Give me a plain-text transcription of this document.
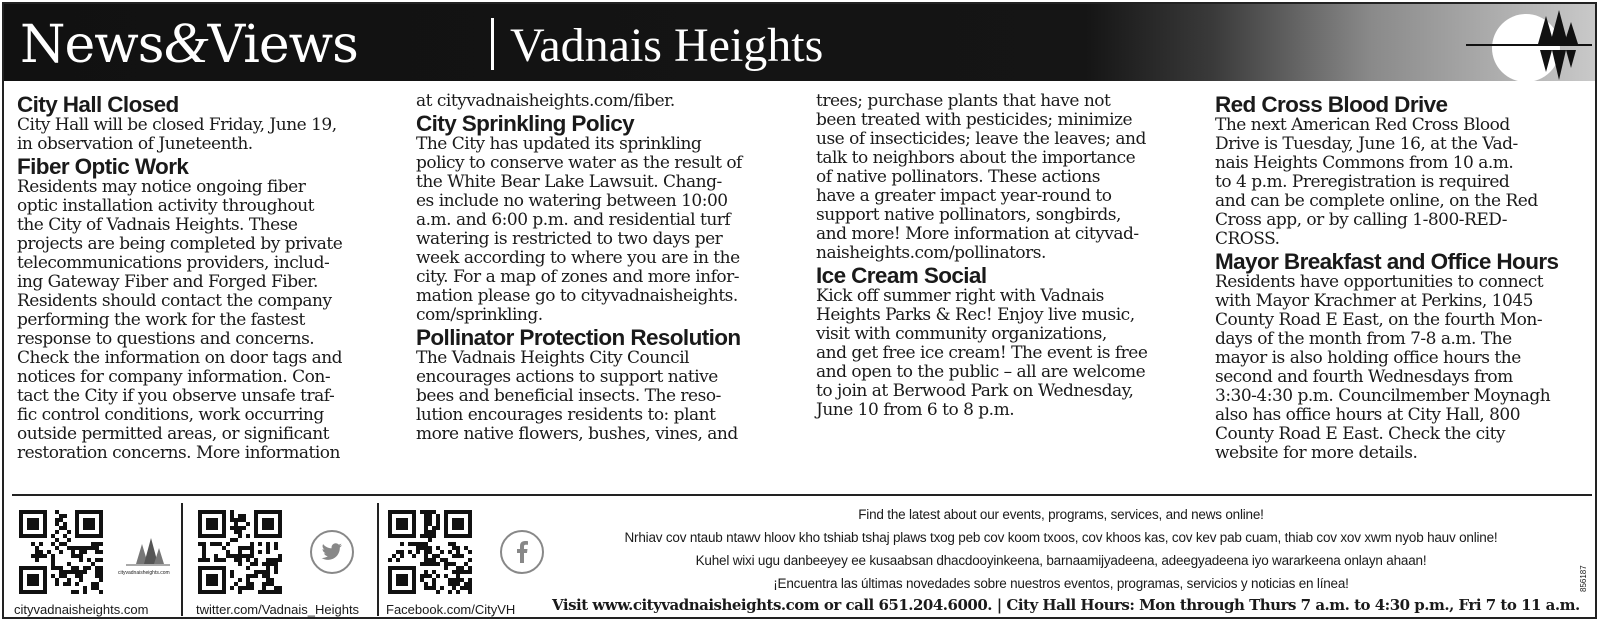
News&Views	Vadnais Heights
City Hall Closed

City Hall will be closed Friday, June 19,
in observation of Juneteenth.

Fiber Optic Work

Residents may notice ongoing fiber
optic installation activity throughout
the City of Vadnais Heights. These
projects are being completed by private
telecommunications providers, includ-
ing Gateway Fiber and Forged Fiber.
Residents should contact the company
performing the work for the fastest
response to questions and concerns.
Check the information on door tags and
notices for company information. Con-
tact the City if you observe unsafe traf-
fic control conditions, work occurring
outside permitted areas, or significant
restoration concerns. More information

at cityvadnaisheights.com/fiber.

City Sprinkling Policy

The City has updated its sprinkling
policy to conserve water as the result of
the White Bear Lake Lawsuit. Chang-
es include no watering between 10:00
a.m. and 6:00 p.m. and residential turf
watering is restricted to two days per
week according to where you are in the
city. For a map of zones and more infor-
mation please go to cityvadnaisheights.
com/sprinkling.

Pollinator Protection Resolution

The Vadnais Heights City Council
encourages actions to support native
bees and beneficial insects. The reso-
lution encourages residents to: plant
more native flowers, bushes, vines, and

trees; purchase plants that have not
been treated with pesticides; minimize
use of insecticides; leave the leaves; and
talk to neighbors about the importance
of native pollinators. These actions
have a greater impact year-round to
support native pollinators, songbirds,
and more! More information at cityvad-
naisheights.com/pollinators.

Ice Cream Social

Kick off summer right with Vadnais
Heights Parks & Rec! Enjoy live music,
visit with community organizations,
and get free ice cream! The event is free
and open to the public – all are welcome
to join at Berwood Park on Wednesday,
June 10 from 6 to 8 p.m.

Red Cross Blood Drive

The next American Red Cross Blood
Drive is Tuesday, June 16, at the Vad-
nais Heights Commons from 10 a.m.
to 4 p.m. Preregistration is required
and can be complete online, on the Red
Cross app, or by calling 1-800-RED-
CROSS.

Mayor Breakfast and Office Hours

Residents have opportunities to connect
with Mayor Krachmer at Perkins, 1045
County Road E East, on the fourth Mon-
days of the month from 7-8 a.m. The
mayor is also holding office hours the
second and fourth Wednesdays from
3:30-4:30 p.m. Councilmember Moynagh
also has office hours at City Hall, 800
County Road E East. Check the city
website for more details.

cityvadnaisheights.com
cityvadnaisheights.com	twitter.com/Vadnais_Heights Facebook.com/CityVH
Find the latest about our events, programs, services, and news online!
Nrhiav cov ntaub ntawv hloov kho tshiab tshaj plaws txog peb cov koom txoos, cov khoos kas, cov kev pab cuam, thiab cov xov xwm nyob hauv online!
Kuhel wixi ugu danbeeyey ee kusaabsan dhacdooyinkeena, barnaamijyadeena, adeegyadeena iyo wararkeena onlayn ahaan!
¡Encuentra las últimas novedades sobre nuestros eventos, programas, servicios y noticias en línea!
Visit www.cityvadnaisheights.com or call 651.204.6000. | City Hall Hours: Mon through Thurs 7 a.m. to 4:30 p.m., Fri 7 to 11 a.m.
856187
